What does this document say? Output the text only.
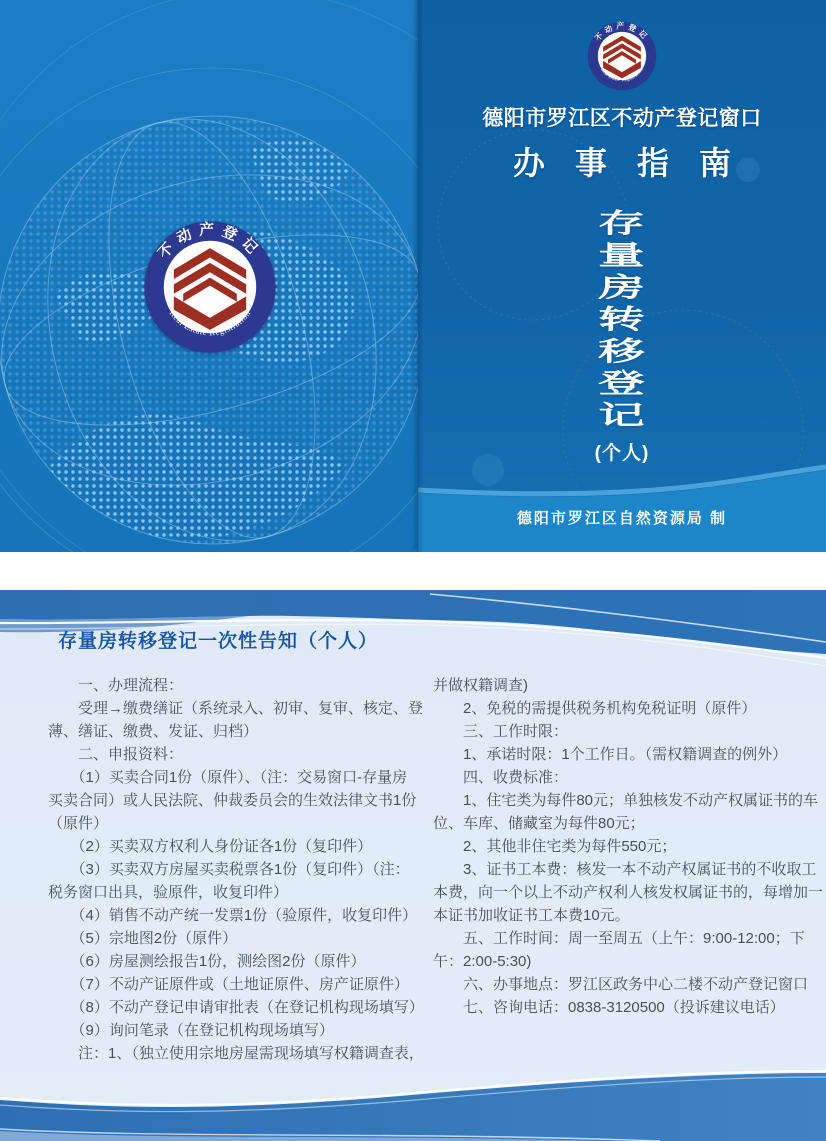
德阳市罗江区不动产登记窗口
办事指南
存
量
房
转
移
登
记
(个人)
德阳市罗江区自然资源局 制
存量房转移登记一次性告知（个人）
　　一、办理流程：
　　受理→缴费缮证（系统录入、初审、复审、核定、登
薄、缮证、缴费、发证、归档）
　　二、申报资料：
　　（1）买卖合同1份（原件）、（注：交易窗口-存量房
买卖合同）或人民法院、仲裁委员会的生效法律文书1份
（原件）
　　（2）买卖双方权利人身份证各1份（复印件）
　　（3）买卖双方房屋买卖税票各1份（复印件）（注：
税务窗口出具，验原件，收复印件）
　　（4）销售不动产统一发票1份（验原件，收复印件）
　　（5）宗地图2份（原件）
　　（6）房屋测绘报告1份，测绘图2份（原件）
　　（7）不动产证原件或（土地证原件、房产证原件）
　　（8）不动产登记申请审批表（在登记机构现场填写）
　　（9）询问笔录（在登记机构现场填写）
　　注：1、（独立使用宗地房屋需现场填写权籍调查表，
并做权籍调查)
　　2、免税的需提供税务机构免税证明（原件）
　　三、工作时限：
　　1、承诺时限：1个工作日。（需权籍调查的例外）
　　四、收费标准：
　　1、住宅类为每件80元；单独核发不动产权属证书的车
位、车库、储藏室为每件80元；
　　2、其他非住宅类为每件550元；
　　3、证书工本费：核发一本不动产权属证书的不收取工
本费，向一个以上不动产权利人核发权属证书的，每增加一
本证书加收证书工本费10元。
　　五、工作时间：周一至周五（上午：9:00-12:00；下
午：2:00-5:30)
　　六、办事地点：罗江区政务中心二楼不动产登记窗口
　　七、咨询电话：0838-3120500（投诉建议电话）
